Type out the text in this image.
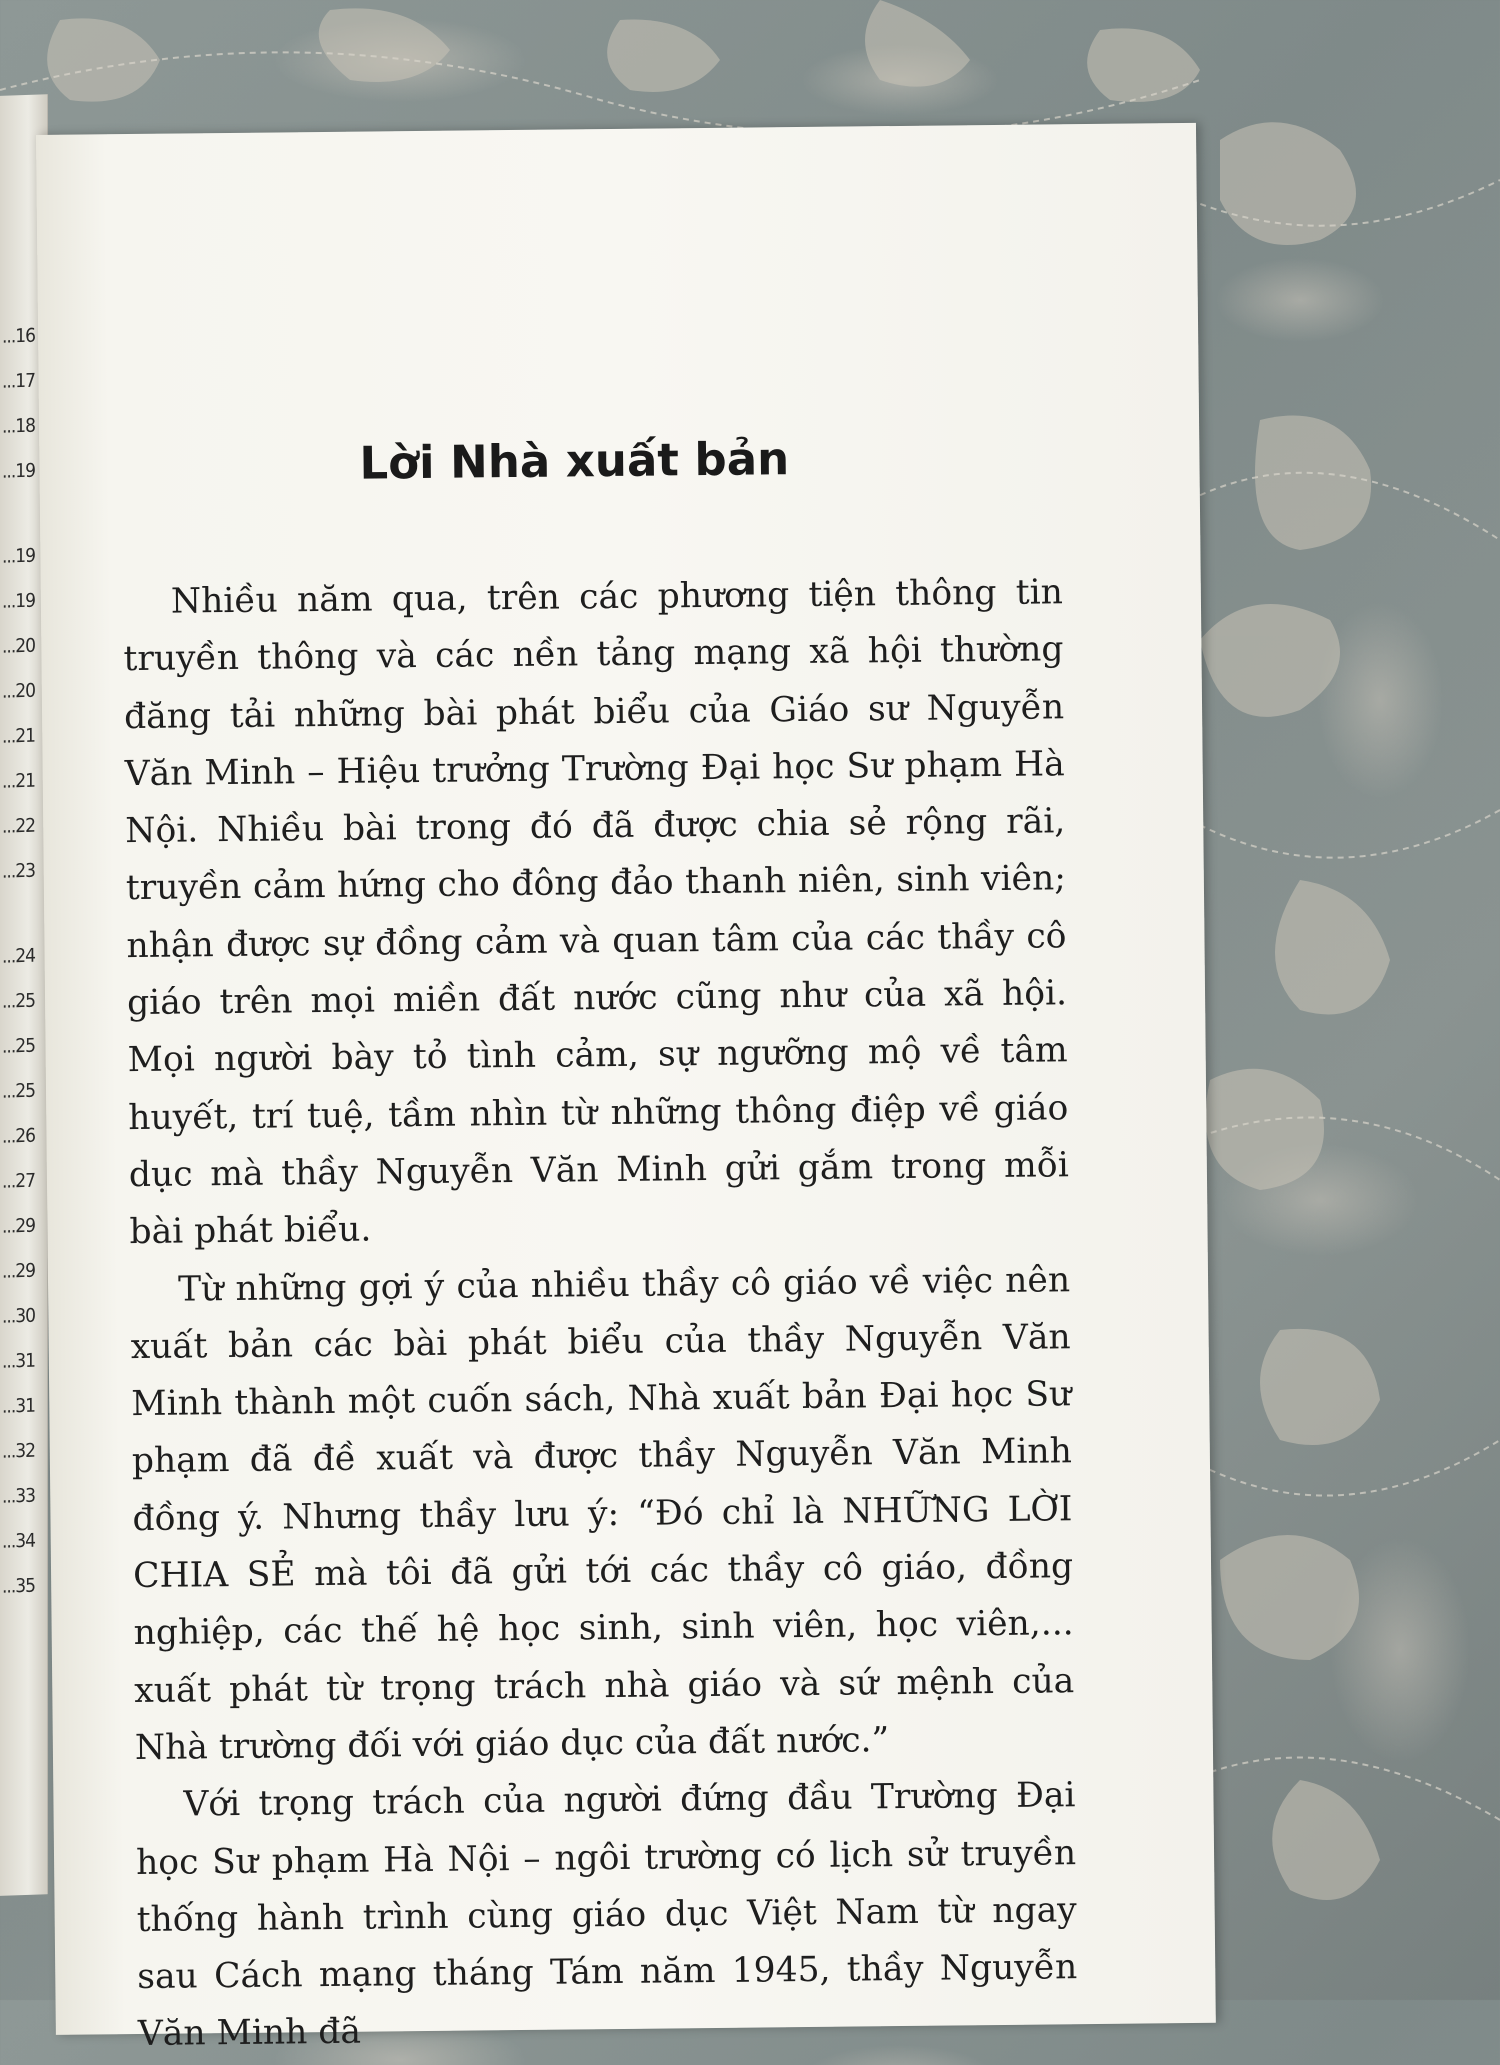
...16
...17
...18
...19
...19
...19
...20
...20
...21
...21
...22
...23
...24
...25
...25
...25
...26
...27
...29
...29
...30
...31
...31
...32
...33
...34
...35
Lời Nhà xuất bản

Nhiều năm qua, trên các phương tiện thông tin truyền thông và các nền tảng mạng xã hội thường đăng tải những bài phát biểu của Giáo sư Nguyễn Văn Minh – Hiệu trưởng Trường Đại học Sư phạm Hà Nội. Nhiều bài trong đó đã được chia sẻ rộng rãi, truyền cảm hứng cho đông đảo thanh niên, sinh viên; nhận được sự đồng cảm và quan tâm của các thầy cô giáo trên mọi miền đất nước cũng như của xã hội. Mọi người bày tỏ tình cảm, sự ngưỡng mộ về tâm huyết, trí tuệ, tầm nhìn từ những thông điệp về giáo dục mà thầy Nguyễn Văn Minh gửi gắm trong mỗi bài phát biểu.

Từ những gợi ý của nhiều thầy cô giáo về việc nên xuất bản các bài phát biểu của thầy Nguyễn Văn Minh thành một cuốn sách, Nhà xuất bản Đại học Sư phạm đã đề xuất và được thầy Nguyễn Văn Minh đồng ý. Nhưng thầy lưu ý: “Đó chỉ là NHỮNG LỜI CHIA SẺ mà tôi đã gửi tới các thầy cô giáo, đồng nghiệp, các thế hệ học sinh, sinh viên, học viên,... xuất phát từ trọng trách nhà giáo và sứ mệnh của Nhà trường đối với giáo dục của đất nước.”

Với trọng trách của người đứng đầu Trường Đại học Sư phạm Hà Nội – ngôi trường có lịch sử truyền thống hành trình cùng giáo dục Việt Nam từ ngay sau Cách mạng tháng Tám năm 1945, thầy Nguyễn Văn Minh đã
